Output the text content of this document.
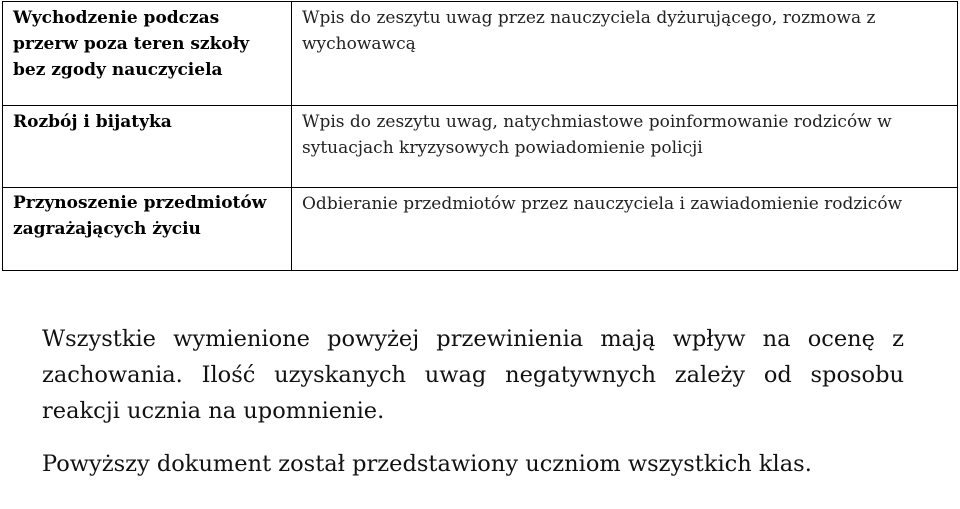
Wychodzenie podczas przerw poza teren szkoły bez zgody nauczyciela	Wpis do zeszytu uwag przez nauczyciela dyżurującego, rozmowa z wychowawcą
Rozbój i bijatyka	Wpis do zeszytu uwag, natychmiastowe poinformowanie rodziców w sytuacjach kryzysowych powiadomienie policji
Przynoszenie przedmiotów zagrażających życiu	Odbieranie przedmiotów przez nauczyciela i zawiadomienie rodziców

Wszystkie wymienione powyżej przewinienia mają wpływ na ocenę z zachowania. Ilość uzyskanych uwag negatywnych zależy od sposobu reakcji ucznia na upomnienie.

Powyższy dokument został przedstawiony uczniom wszystkich klas.
